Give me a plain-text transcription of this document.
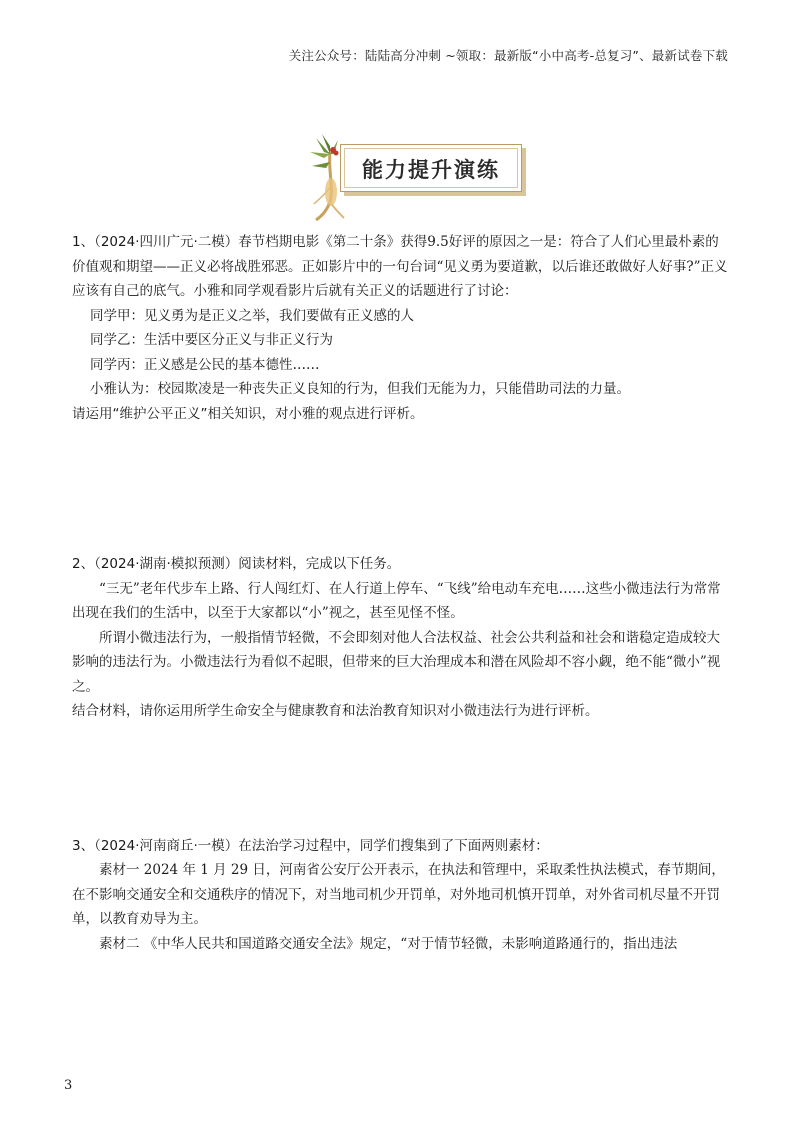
关注公众号：陆陆高分冲刺 ~领取：最新版“小中高考-总复习”、最新试卷下载
能力提升演练

1、（2024·四川广元·二模）春节档期电影《第二十条》获得9.5好评的原因之一是：符合了人们心里最朴素的价值观和期望——正义必将战胜邪恶。正如影片中的一句台词“见义勇为要道歉，以后谁还敢做好人好事?”正义应该有自己的底气。小雅和同学观看影片后就有关正义的话题进行了讨论：

同学甲：见义勇为是正义之举，我们要做有正义感的人

同学乙：生活中要区分正义与非正义行为

同学丙：正义感是公民的基本德性……

小雅认为：校园欺凌是一种丧失正义良知的行为，但我们无能为力，只能借助司法的力量。

请运用“维护公平正义”相关知识，对小雅的观点进行评析。

2、（2024·湖南·模拟预测）阅读材料，完成以下任务。

“三无”老年代步车上路、行人闯红灯、在人行道上停车、“飞线”给电动车充电……这些小微违法行为常常出现在我们的生活中，以至于大家都以“小”视之，甚至见怪不怪。

所谓小微违法行为，一般指情节轻微，不会即刻对他人合法权益、社会公共利益和社会和谐稳定造成较大影响的违法行为。小微违法行为看似不起眼，但带来的巨大治理成本和潜在风险却不容小觑，绝不能“微小”视之。

结合材料，请你运用所学生命安全与健康教育和法治教育知识对小微违法行为进行评析。

3、（2024·河南商丘·一模）在法治学习过程中，同学们搜集到了下面两则素材：

素材一 2024 年 1 月 29 日，河南省公安厅公开表示，在执法和管理中，采取柔性执法模式，春节期间，在不影响交通安全和交通秩序的情况下，对当地司机少开罚单，对外地司机慎开罚单，对外省司机尽量不开罚单，以教育劝导为主。

素材二 《中华人民共和国道路交通安全法》规定，“对于情节轻微，未影响道路通行的，指出违法

3
